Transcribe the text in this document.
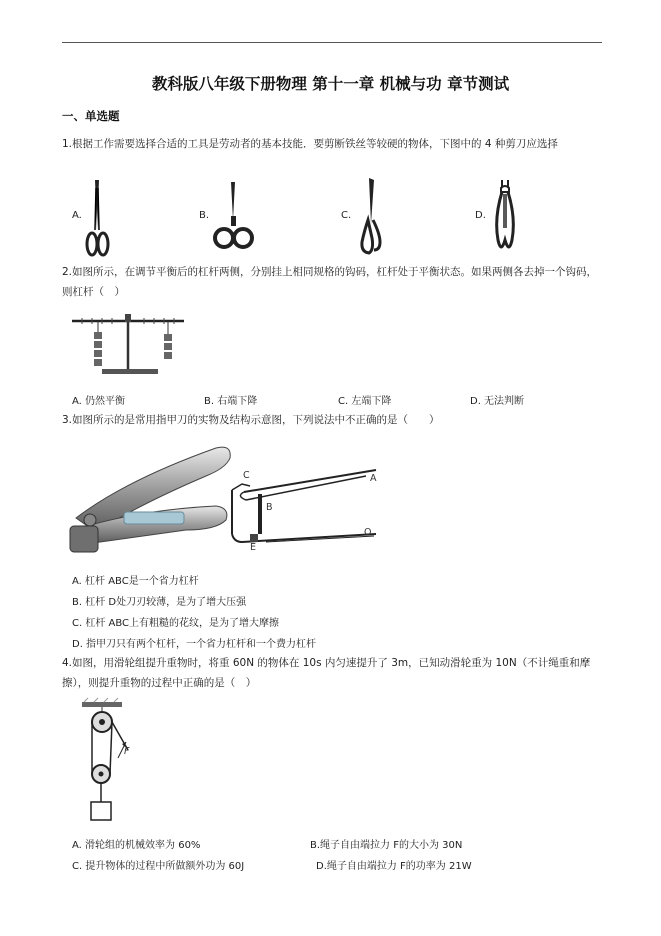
教科版八年级下册物理 第十一章 机械与功 章节测试
一、单选题
1.根据工作需要选择合适的工具是劳动者的基本技能．要剪断铁丝等较硬的物体，下图中的 4 种剪刀应选择
A.	B.	C.	D.
2.如图所示，在调节平衡后的杠杆两侧，分别挂上相同规格的钩码，杠杆处于平衡状态。如果两侧各去掉一个钩码，则杠杆（　）
A. 仍然平衡	B. 右端下降	C. 左端下降	D. 无法判断
3.如图所示的是常用指甲刀的实物及结构示意图，下列说法中不正确的是（　　）
C
B
A
E
O
A. 杠杆 ABC是一个省力杠杆
B. 杠杆 D处刀刃较薄，是为了增大压强
C. 杠杆 ABC上有粗糙的花纹，是为了增大摩擦
D. 指甲刀只有两个杠杆，一个省力杠杆和一个费力杠杆
4.如图，用滑轮组提升重物时，将重 60N 的物体在 10s 内匀速提升了 3m，已知动滑轮重为 10N（不计绳重和摩擦），则提升重物的过程中正确的是（　）
F
A. 滑轮组的机械效率为 60%	B.绳子自由端拉力 F的大小为 30N
C. 提升物体的过程中所做额外功为 60J	D.绳子自由端拉力 F的功率为 21W
